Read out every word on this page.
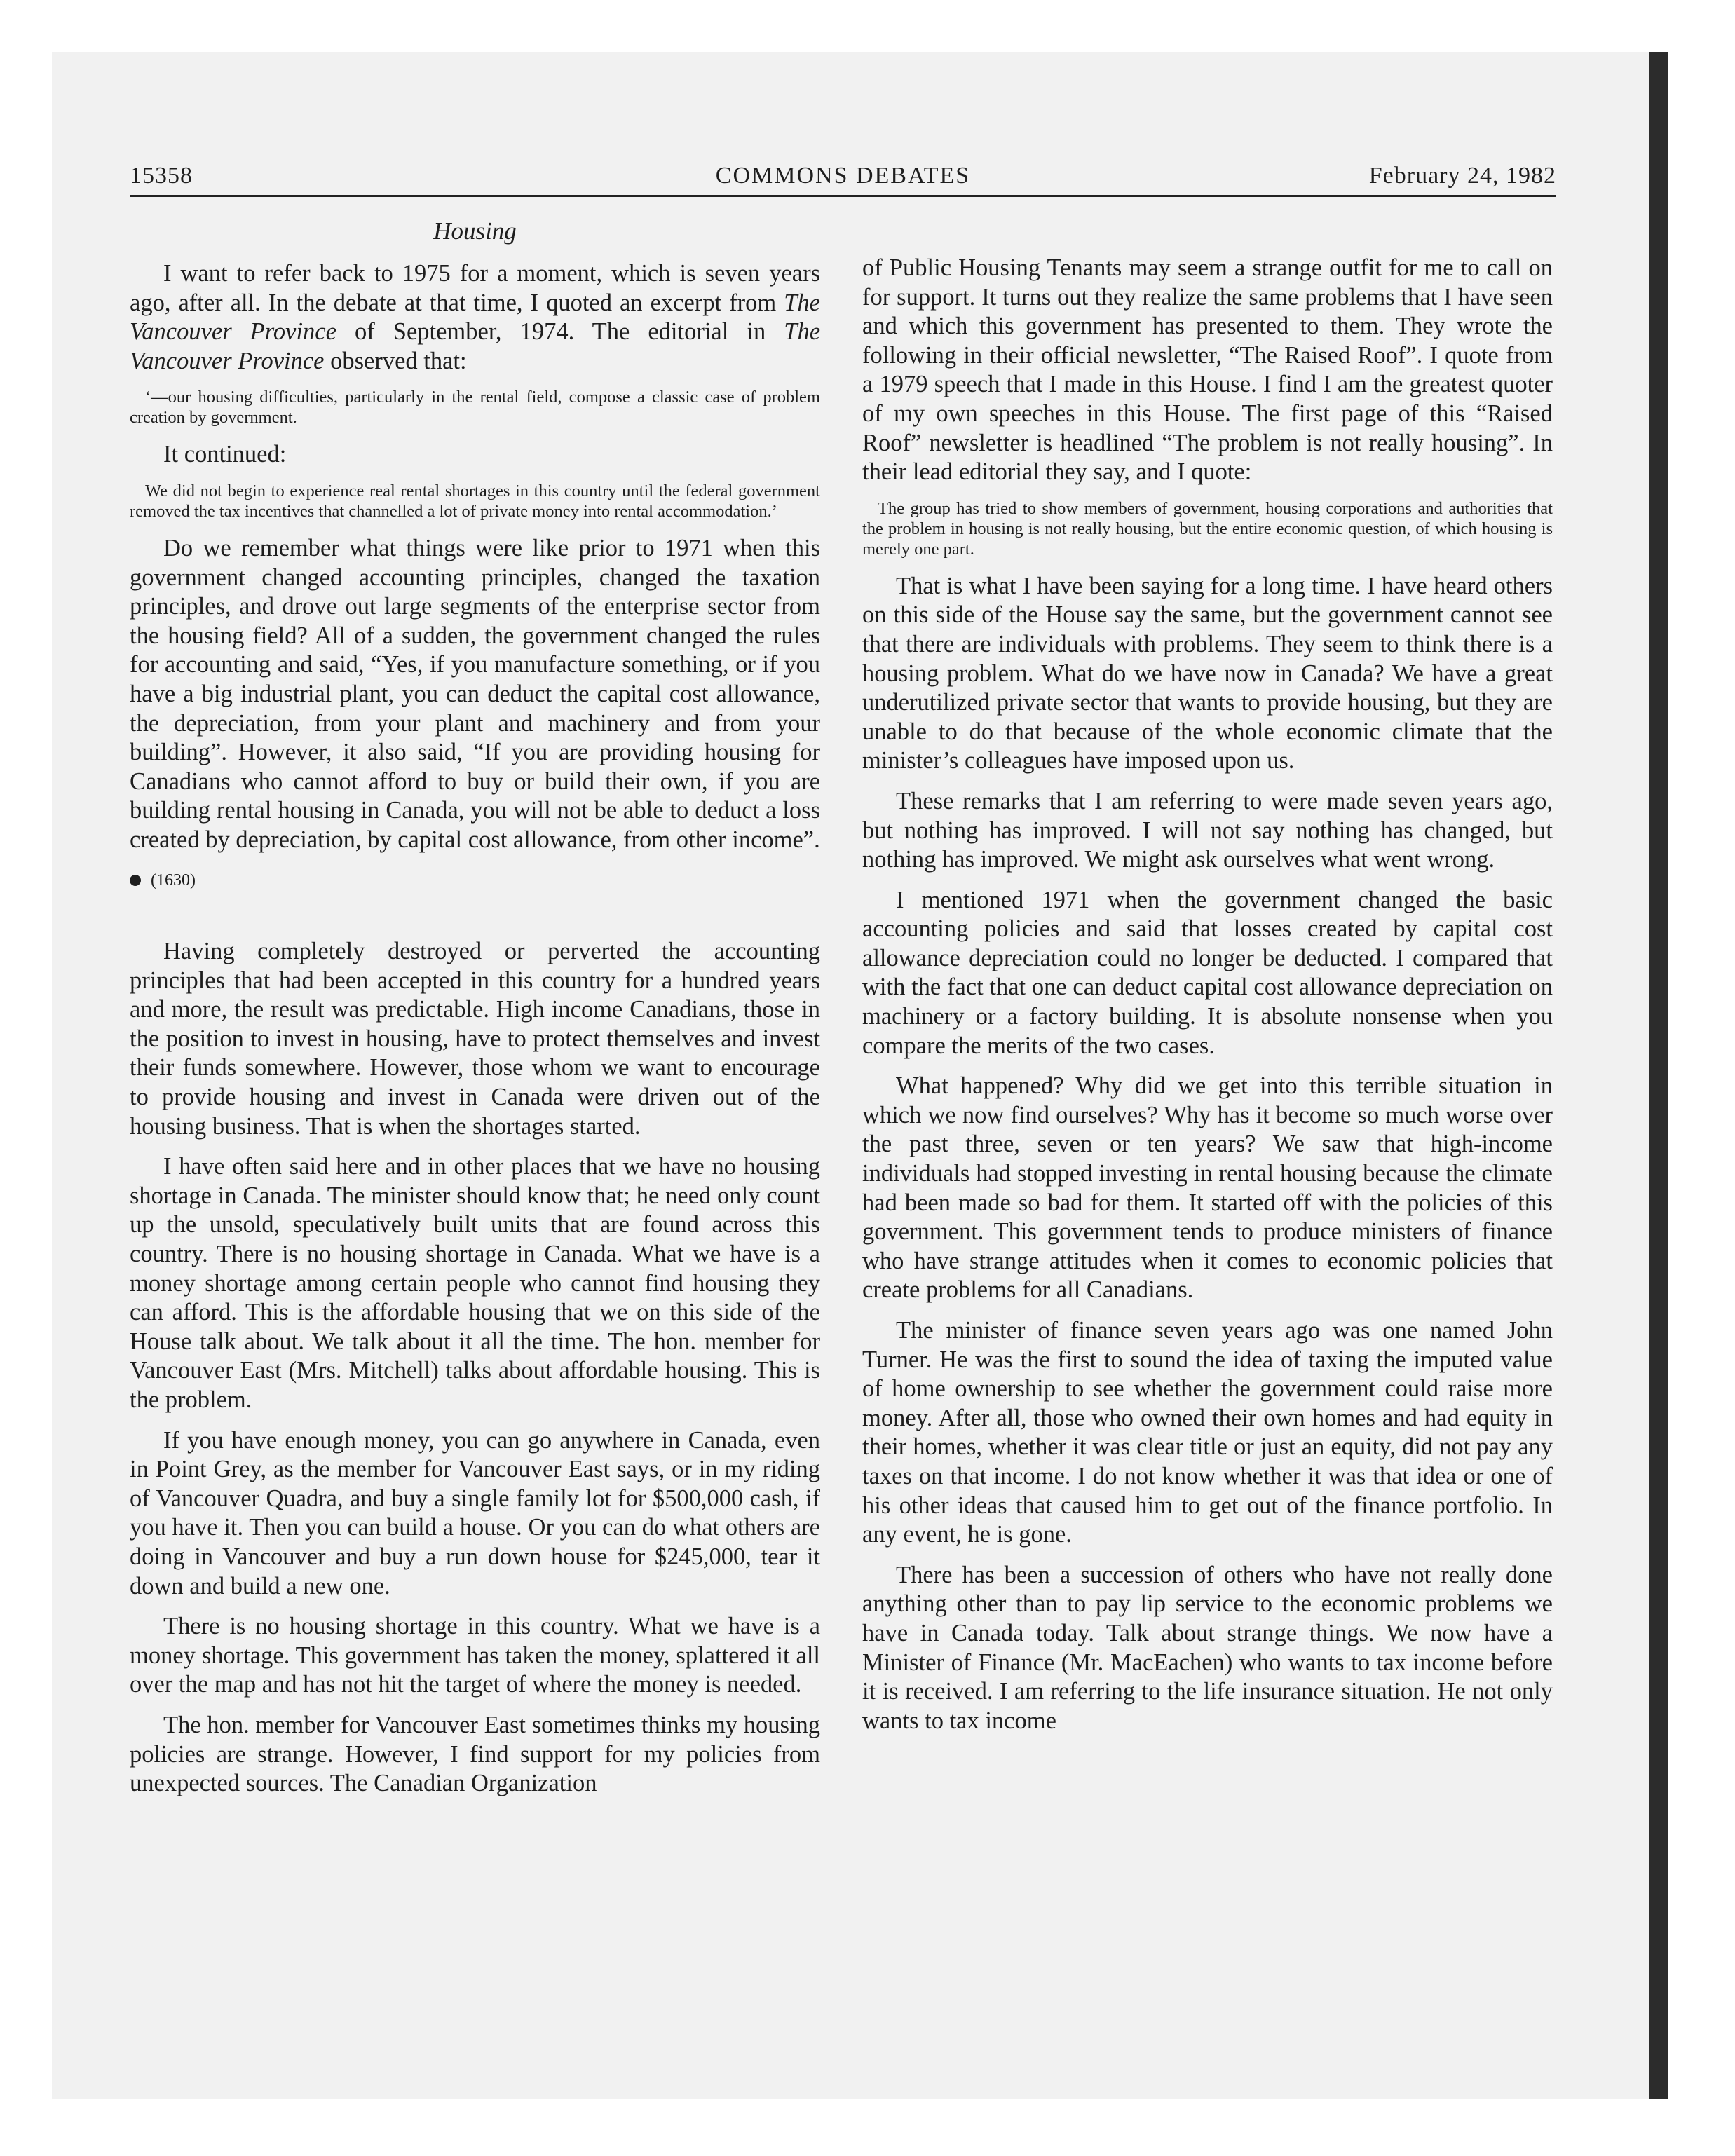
15358	COMMONS DEBATES	February 24, 1982
Housing

I want to refer back to 1975 for a moment, which is seven years ago, after all. In the debate at that time, I quoted an excerpt from The Vancouver Province of September, 1974. The editorial in The Vancouver Province observed that:

‘—our housing difficulties, particularly in the rental field, compose a classic case of problem creation by government.

It continued:

We did not begin to experience real rental shortages in this country until the federal government removed the tax incentives that channelled a lot of private money into rental accommodation.’

Do we remember what things were like prior to 1971 when this government changed accounting principles, changed the taxation principles, and drove out large segments of the enterprise sector from the housing field? All of a sudden, the government changed the rules for accounting and said, “Yes, if you manufacture something, or if you have a big industrial plant, you can deduct the capital cost allowance, the depreciation, from your plant and machinery and from your building”. However, it also said, “If you are providing housing for Canadians who cannot afford to buy or build their own, if you are building rental housing in Canada, you will not be able to deduct a loss created by depreciation, by capital cost allowance, from other income”.

(1630)

Having completely destroyed or perverted the accounting principles that had been accepted in this country for a hundred years and more, the result was predictable. High income Canadians, those in the position to invest in housing, have to protect themselves and invest their funds somewhere. However, those whom we want to encourage to provide housing and invest in Canada were driven out of the housing business. That is when the shortages started.

I have often said here and in other places that we have no housing shortage in Canada. The minister should know that; he need only count up the unsold, speculatively built units that are found across this country. There is no housing shortage in Canada. What we have is a money shortage among certain people who cannot find housing they can afford. This is the affordable housing that we on this side of the House talk about. We talk about it all the time. The hon. member for Vancouver East (Mrs. Mitchell) talks about affordable housing. This is the problem.

If you have enough money, you can go anywhere in Canada, even in Point Grey, as the member for Vancouver East says, or in my riding of Vancouver Quadra, and buy a single family lot for $500,000 cash, if you have it. Then you can build a house. Or you can do what others are doing in Vancouver and buy a run down house for $245,000, tear it down and build a new one.

There is no housing shortage in this country. What we have is a money shortage. This government has taken the money, splattered it all over the map and has not hit the target of where the money is needed.

The hon. member for Vancouver East sometimes thinks my housing policies are strange. However, I find support for my policies from unexpected sources. The Canadian Organization

of Public Housing Tenants may seem a strange outfit for me to call on for support. It turns out they realize the same problems that I have seen and which this government has presented to them. They wrote the following in their official newsletter, “The Raised Roof”. I quote from a 1979 speech that I made in this House. I find I am the greatest quoter of my own speeches in this House. The first page of this “Raised Roof” newsletter is headlined “The problem is not really housing”. In their lead editorial they say, and I quote:

The group has tried to show members of government, housing corporations and authorities that the problem in housing is not really housing, but the entire economic question, of which housing is merely one part.

That is what I have been saying for a long time. I have heard others on this side of the House say the same, but the government cannot see that there are individuals with problems. They seem to think there is a housing problem. What do we have now in Canada? We have a great underutilized private sector that wants to provide housing, but they are unable to do that because of the whole economic climate that the minister’s colleagues have imposed upon us.

These remarks that I am referring to were made seven years ago, but nothing has improved. I will not say nothing has changed, but nothing has improved. We might ask ourselves what went wrong.

I mentioned 1971 when the government changed the basic accounting policies and said that losses created by capital cost allowance depreciation could no longer be deducted. I compared that with the fact that one can deduct capital cost allowance depreciation on machinery or a factory building. It is absolute nonsense when you compare the merits of the two cases.

What happened? Why did we get into this terrible situation in which we now find ourselves? Why has it become so much worse over the past three, seven or ten years? We saw that high-income individuals had stopped investing in rental housing because the climate had been made so bad for them. It started off with the policies of this government. This government tends to produce ministers of finance who have strange attitudes when it comes to economic policies that create problems for all Canadians.

The minister of finance seven years ago was one named John Turner. He was the first to sound the idea of taxing the imputed value of home ownership to see whether the government could raise more money. After all, those who owned their own homes and had equity in their homes, whether it was clear title or just an equity, did not pay any taxes on that income. I do not know whether it was that idea or one of his other ideas that caused him to get out of the finance portfolio. In any event, he is gone.

There has been a succession of others who have not really done anything other than to pay lip service to the economic problems we have in Canada today. Talk about strange things. We now have a Minister of Finance (Mr. MacEachen) who wants to tax income before it is received. I am referring to the life insurance situation. He not only wants to tax income
